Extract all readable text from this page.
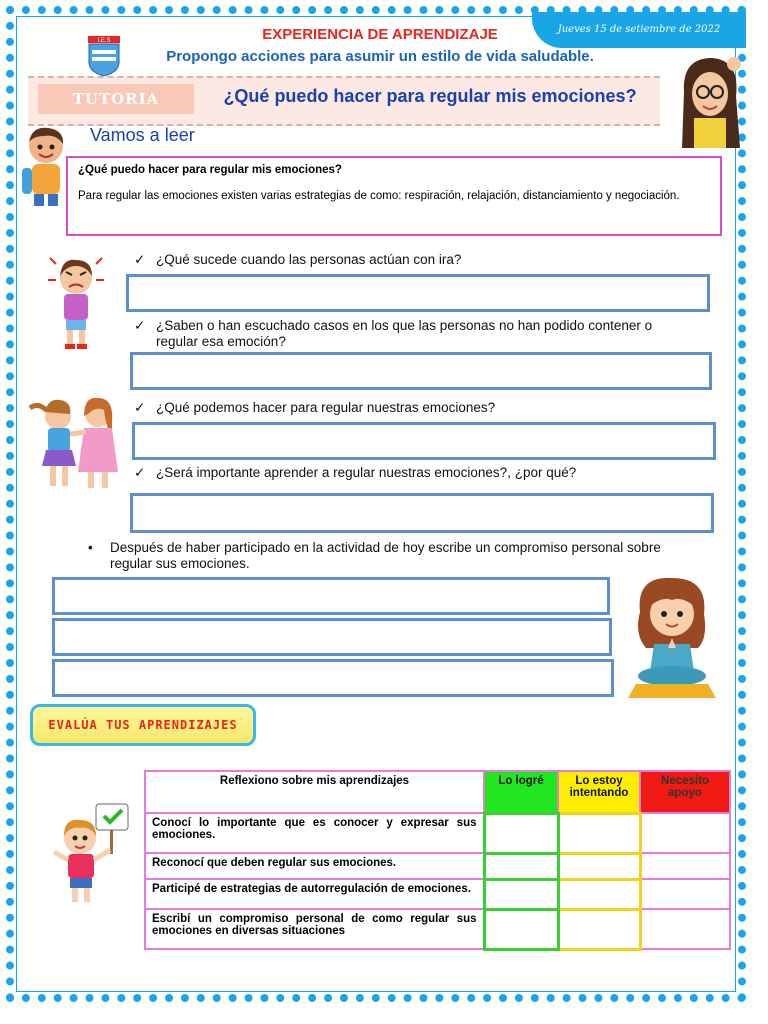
Jueves 15 de setiembre de 2022
I.E.S	EXPERIENCIA DE APRENDIZAJE
Propongo acciones para asumir un estilo de vida saludable.
TUTORIA	¿Qué puedo hacer para regular mis emociones?
Vamos a leer
¿Qué puedo hacer para regular mis emociones?
Para regular las emociones existen varias estrategias de como: respiración, relajación, distanciamiento y negociación.
✓ ¿Qué sucede cuando las personas actúan con ira?
✓ ¿Saben o han escuchado casos en los que las personas no han podido contener o regular esa emoción?
✓ ¿Qué podemos hacer para regular nuestras emociones?
✓ ¿Será importante aprender a regular nuestras emociones?, ¿por qué?
•	Después de haber participado en la actividad de hoy escribe un compromiso personal sobre regular sus emociones.
EVALÚA TUS APRENDIZAJES
Reflexiono sobre mis aprendizajes	Lo logré	Lo estoy intentando	Necesito apoyo
Conocí lo importante que es conocer y expresar sus emociones.			
Reconocí que deben regular sus emociones.			
Participé de estrategias de autorregulación de emociones.			
Escribí un compromiso personal de como regular sus emociones en diversas situaciones			
